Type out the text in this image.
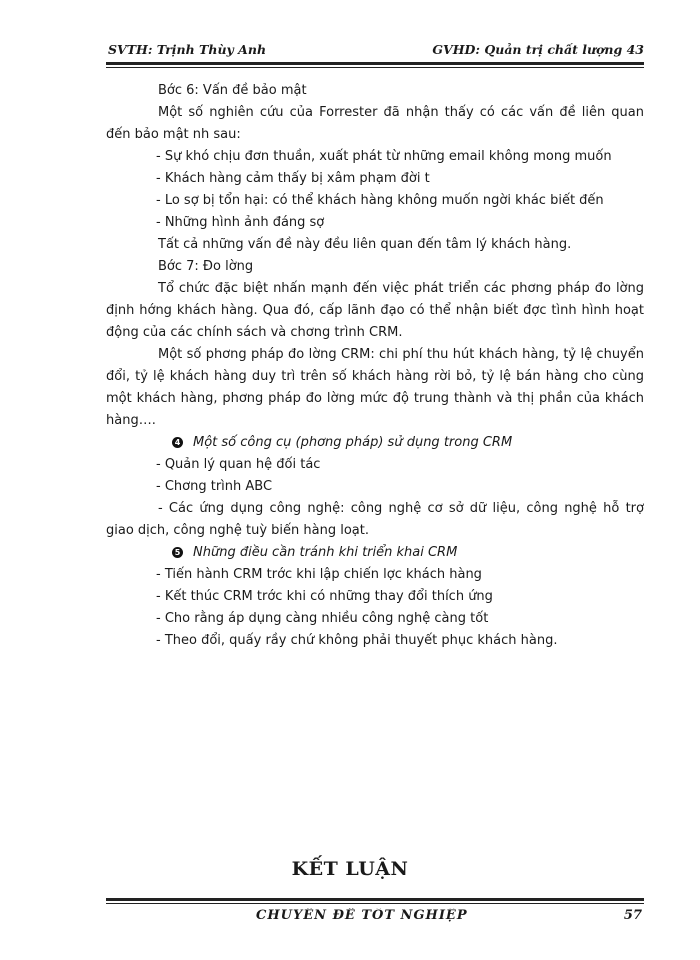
SVTH: Trịnh Thùy Anh	GVHD: Quản trị chất lượng 43

Bớc 6: Vấn đề bảo mật

Một số nghiên cứu của Forrester đã nhận thấy có các vấn đề liên quan đến bảo mật nh sau:

- Sự khó chịu đơn thuần, xuất phát từ những email không mong muốn

- Khách hàng cảm thấy bị xâm phạm đời t

- Lo sợ bị tổn hại: có thể khách hàng không muốn ngời khác biết đến

- Những hình ảnh đáng sợ

Tất cả những vấn đề này đều liên quan đến tâm lý khách hàng.

Bớc 7: Đo lờng

Tổ chức đặc biệt nhấn mạnh đến việc phát triển các phơng pháp đo lờng định hớng khách hàng. Qua đó, cấp lãnh đạo có thể nhận biết đợc tình hình hoạt động của các chính sách và chơng trình CRM.

Một số phơng pháp đo lờng CRM: chi phí thu hút khách hàng, tỷ lệ chuyển đổi, tỷ lệ khách hàng duy trì trên số khách hàng rời bỏ, tỷ lệ bán hàng cho cùng một khách hàng, phơng pháp đo lờng mức độ trung thành và thị phần của khách hàng….

4 Một số công cụ (phơng pháp) sử dụng trong CRM

- Quản lý quan hệ đối tác

- Chơng trình ABC

- Các ứng dụng công nghệ: công nghệ cơ sở dữ liệu, công nghệ hỗ trợ giao dịch, công nghệ tuỳ biến hàng loạt.

5 Những điều cần tránh khi triển khai CRM

- Tiến hành CRM trớc khi lập chiến lợc khách hàng

- Kết thúc CRM trớc khi có những thay đổi thích ứng

- Cho rằng áp dụng càng nhiều công nghệ càng tốt

- Theo đổi, quấy rầy chứ không phải thuyết phục khách hàng.

KẾT LUẬN
CHUYÊN ĐỀ TỐT NGHIỆP	57
